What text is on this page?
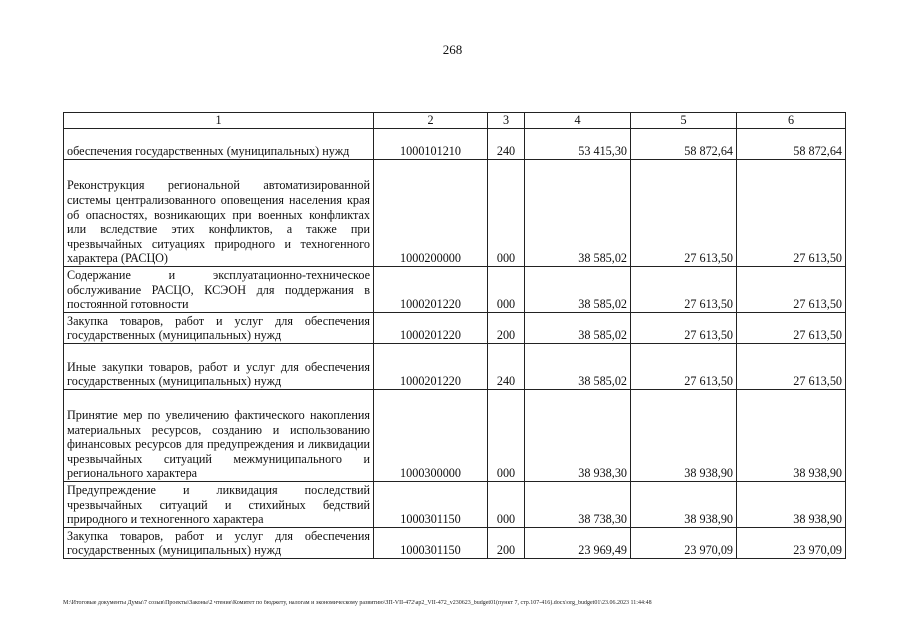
268
1	2	3	4	5	6
обеспечения государственных (муниципальных) нужд	1000101210	240	53 415,30	58 872,64	58 872,64
Реконструкция региональной автоматизированной системы централизованного оповещения населения края об опасностях, возникающих при военных конфликтах или вследствие этих конфликтов, а также при чрезвычайных ситуациях природного и техногенного характера (РАСЦО)	1000200000	000	38 585,02	27 613,50	27 613,50
Содержание и эксплуатационно-техническое обслуживание РАСЦО, КСЭОН для поддержания в постоянной готовности	1000201220	000	38 585,02	27 613,50	27 613,50
Закупка товаров, работ и услуг для обеспечения государственных (муниципальных) нужд	1000201220	200	38 585,02	27 613,50	27 613,50
Иные закупки товаров, работ и услуг для обеспечения государственных (муниципальных) нужд	1000201220	240	38 585,02	27 613,50	27 613,50
Принятие мер по увеличению фактического накопления материальных ресурсов, созданию и использованию финансовых ресурсов для предупреждения и ликвидации чрезвычайных ситуаций межмуниципального и регионального характера	1000300000	000	38 938,30	38 938,90	38 938,90
Предупреждение и ликвидация последствий чрезвычайных ситуаций и стихийных бедствий природного и техногенного характера	1000301150	000	38 738,30	38 938,90	38 938,90
Закупка товаров, работ и услуг для обеспечения государственных (муниципальных) нужд	1000301150	200	23 969,49	23 970,09	23 970,09
M:\Итоговые документы Думы\7 созыв\Проекты\Законы\2 чтение\Комитет по бюджету, налогам и экономическому развитию\ЗП-VII-472\ар2_VII-472_v230623_budget01(пункт 7, стр.107-416).docx\org_budget01\23.06.2023 11:44:48
